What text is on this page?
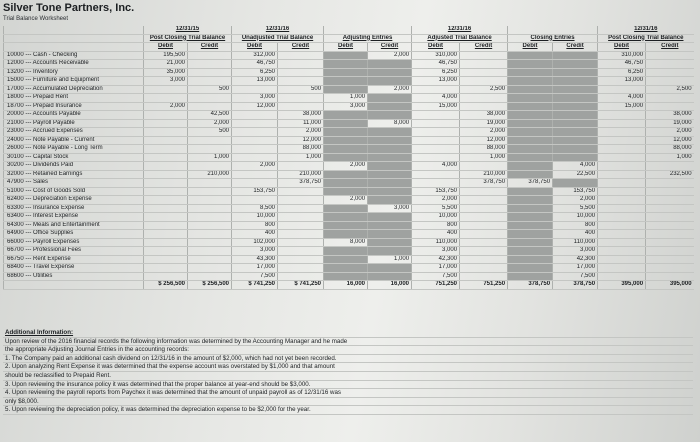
Silver Tone Partners, Inc.
Trial Balance Worksheet
	12/31/15		12/31/16				12/31/16				12/31/16	
	Post Closing Trial Balance		Unadjusted Trial Balance		Adjusting Entries		Adjusted Trial Balance		Closing Entries		Post Closing Trial Balance	
	Debit	Credit	Debit	Credit	Debit	Credit	Debit	Credit	Debit	Credit	Debit	Credit
10000 --- Cash - Checking	195,500		312,000			2,000	310,000				310,000	
12000 --- Accounts Receivable	21,000		46,750				46,750				46,750	
13200 --- Inventory	35,000		6,250				6,250				6,250	
15000 --- Furniture and Equipment	3,000		13,000				13,000				13,000	
17000 --- Accumulated Depreciation		500		500		2,000		2,500				2,500
18000 --- Prepaid Rent			3,000		1,000		4,000				4,000	
18700 --- Prepaid Insurance	2,000		12,000		3,000		15,000				15,000	
20000 --- Accounts Payable		42,500		38,000				38,000				38,000
21000 --- Payroll Payable		2,000		11,000		8,000		19,000				19,000
23000 --- Accrued Expenses		500		2,000				2,000				2,000
24000 --- Note Payable - Current				12,000				12,000				12,000
26000 --- Note Payable - Long Term				88,000				88,000				88,000
30100 --- Capital Stock		1,000		1,000				1,000				1,000
30200 --- Dividends Paid			2,000		2,000		4,000			4,000		
32000 --- Retained Earnings		210,000		210,000				210,000		22,500		232,500
47900 --- Sales				378,750				378,750	378,750			
51000 --- Cost of Goods Sold			153,750				153,750			153,750		
62400 --- Depreciation Expense					2,000		2,000			2,000		
63300 --- Insurance Expense			8,500			3,000	5,500			5,500		
63400 --- Interest Expense			10,000				10,000			10,000		
64300 --- Meals and Entertainment			800				800			800		
64900 --- Office Supplies			400				400			400		
66000 --- Payroll Expenses			102,000		8,000		110,000			110,000		
66700 --- Professional Fees			3,000				3,000			3,000		
66750 --- Rent Expense			43,300			1,000	42,300			42,300		
68400 --- Travel Expense			17,000				17,000			17,000		
68600 --- Utilities			7,500				7,500			7,500		
	$ 256,500	$ 256,500	$ 741,250	$ 741,250	16,000	16,000	751,250	751,250	378,750	378,750	395,000	395,000
Additional Information:
Upon review of the 2016 financial records the following information was determined by the Accounting Manager and he made
the appropriate Adjusting Journal Entries in the accounting records:
1. The Company paid an additional cash dividend on 12/31/16 in the amount of $2,000, which had not yet been recorded.
2. Upon analyzing Rent Expense it was determined that the expense account was overstated by $1,000 and that amount
should be reclassified to Prepaid Rent.
3. Upon reviewing the insurance policy it was determined that the proper balance at year-end should be $3,000.
4. Upon reviewing the payroll reports from Paychex it was determined that the amount of unpaid payroll as of 12/31/16 was
only $8,000.
5. Upon reviewing the depreciation policy, it was determined the depreciation expense to be $2,000 for the year.
